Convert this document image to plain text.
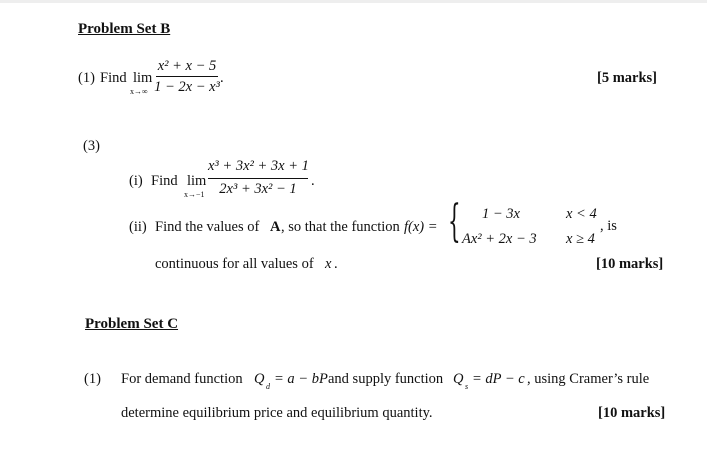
Problem Set B
(1) Find lim
x→∞
x² + x − 5
1 − 2x − x³
.	[5 marks]
(3)
(i) Find lim
x→−1
x³ + 3x² + 3x + 1
2x³ + 3x² − 1 .
(ii) Find the values of A , so that the function f(x) = { 1 − 3x	x < 4
Ax² + 2x − 3 x ≥ 4
, is
continuous for all values of x .	[10 marks]
Problem Set C
(1) For demand function Q d = a − bP and supply function Q s = dP − c , using Cramer’s rule
determine equilibrium price and equilibrium quantity.	[10 marks]
